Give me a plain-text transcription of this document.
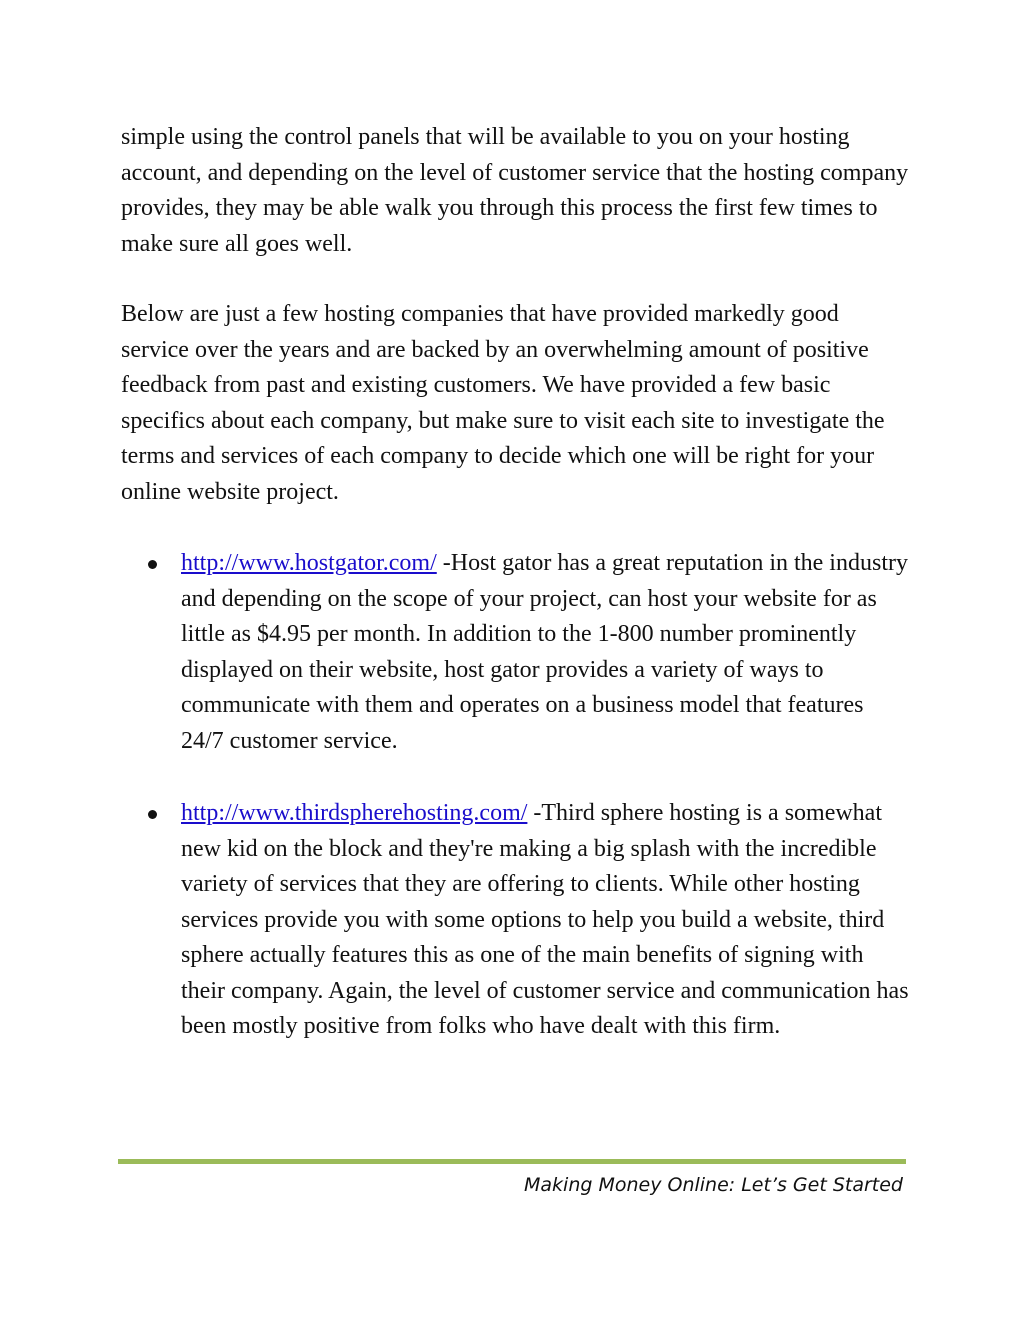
simple using the control panels that will be available to you on your hosting account, and depending on the level of customer service that the hosting company provides, they may be able walk you through this process the first few times to make sure all goes well.

Below are just a few hosting companies that have provided markedly good service over the years and are backed by an overwhelming amount of positive feedback from past and existing customers. We have provided a few basic specifics about each company, but make sure to visit each site to investigate the terms and services of each company to decide which one will be right for your online website project.

http://www.hostgator.com/ -Host gator has a great reputation in the industry and depending on the scope of your project, can host your website for as little as $4.95 per month. In addition to the 1-800 number prominently displayed on their website, host gator provides a variety of ways to communicate with them and operates on a business model that features 24/7 customer service.

http://www.thirdspherehosting.com/ -Third sphere hosting is a somewhat new kid on the block and they're making a big splash with the incredible variety of services that they are offering to clients. While other hosting services provide you with some options to help you build a website, third sphere actually features this as one of the main benefits of signing with their company. Again, the level of customer service and communication has been mostly positive from folks who have dealt with this firm.

Making Money Online: Let’s Get Started
